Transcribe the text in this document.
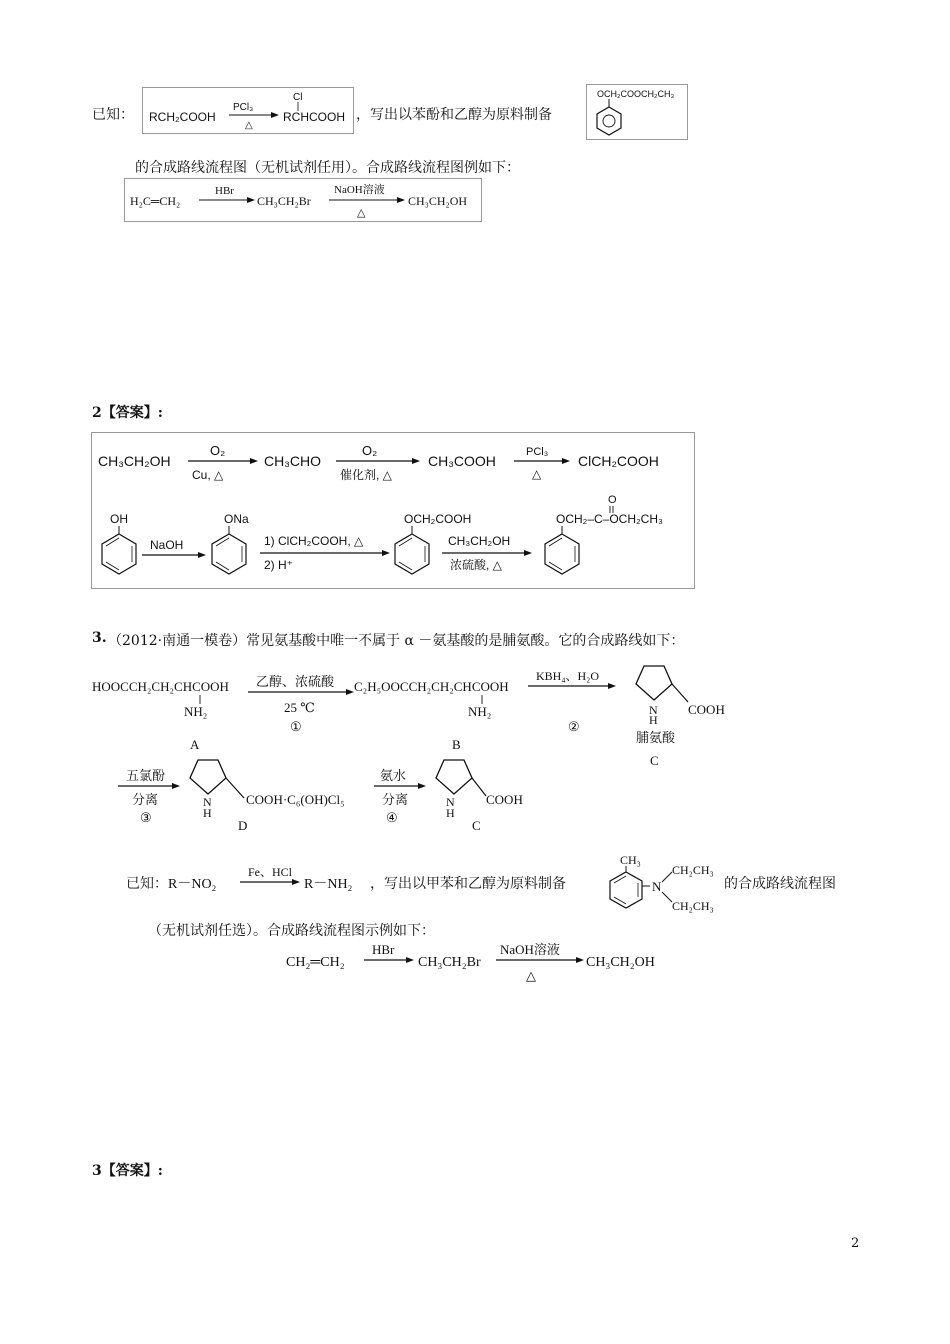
已知： RCH₂COOH
PCl₃
△
Cl
RCHCOOH ，写出以苯酚和乙醇为原料制备
OCH₂COOCH₂CH₃
的合成路线流程图（无机试剂任用）。合成路线流程图例如下：
H₂C═CH₂
HBr
CH₃CH₂Br
NaOH溶液
△
CH₃CH₂OH
2【答案】:
CH₃CH₂OH
O₂
Cu, △
CH₃CHO
O₂
催化剂, △
CH₃COOH
PCl₃
△
ClCH₂COOH
OH
NaOH
ONa
1) ClCH₂COOH, △
2) H⁺
OCH₂COOH
CH₃CH₂OH
浓硫酸, △
O
OCH₂–C–OCH₂CH₃
3. （2012·南通一模卷）常见氨基酸中唯一不属于 α －氨基酸的是脯氨酸。它的合成路线如下：
HOOCCH₂CH₂CHCOOH
NH₂
A
乙醇、浓硫酸
25 ℃
①
C₂H₅OOCCH₂CH₂CHCOOH
NH₂
B
KBH₄、H₂O
②
N
H
COOH
脯氨酸
C
五氯酚
分离
③
N
H
COOH·C₆(OH)Cl₅
D
氨水
分离
④
N
H
COOH
C
已知：R－NO₂
Fe、HCl
R－NH₂ ，写出以甲苯和乙醇为原料制备
CH₃
N
CH₂CH₃
CH₂CH₃
的合成路线流程图
（无机试剂任选）。合成路线流程图示例如下：
CH₂═CH₂
HBr
CH₃CH₂Br
NaOH溶液
△
CH₃CH₂OH
3【答案】:
2
